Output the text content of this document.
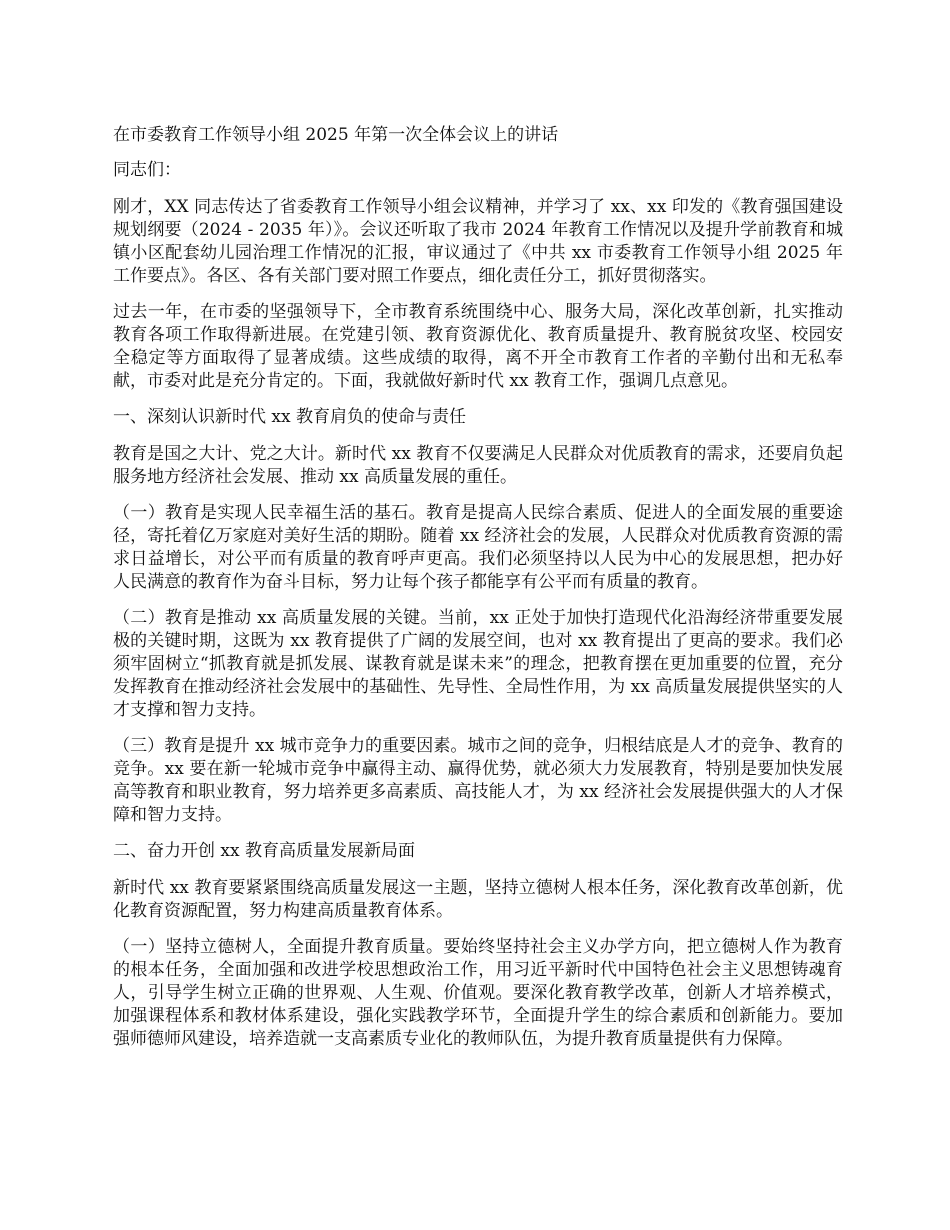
在市委教育工作领导小组 2025 年第一次全体会议上的讲话

同志们：

刚才，XX 同志传达了省委教育工作领导小组会议精神，并学习了 xx、xx 印发的《教育强国建设规划纲要（2024 - 2035 年）》。会议还听取了我市 2024 年教育工作情况以及提升学前教育和城镇小区配套幼儿园治理工作情况的汇报，审议通过了《中共 xx 市委教育工作领导小组 2025 年工作要点》。各区、各有关部门要对照工作要点，细化责任分工，抓好贯彻落实。

过去一年，在市委的坚强领导下，全市教育系统围绕中心、服务大局，深化改革创新，扎实推动教育各项工作取得新进展。在党建引领、教育资源优化、教育质量提升、教育脱贫攻坚、校园安全稳定等方面取得了显著成绩。这些成绩的取得，离不开全市教育工作者的辛勤付出和无私奉献，市委对此是充分肯定的。下面，我就做好新时代 xx 教育工作，强调几点意见。

一、深刻认识新时代 xx 教育肩负的使命与责任

教育是国之大计、党之大计。新时代 xx 教育不仅要满足人民群众对优质教育的需求，还要肩负起服务地方经济社会发展、推动 xx 高质量发展的重任。

（一）教育是实现人民幸福生活的基石。教育是提高人民综合素质、促进人的全面发展的重要途径，寄托着亿万家庭对美好生活的期盼。随着 xx 经济社会的发展，人民群众对优质教育资源的需求日益增长，对公平而有质量的教育呼声更高。我们必须坚持以人民为中心的发展思想，把办好人民满意的教育作为奋斗目标，努力让每个孩子都能享有公平而有质量的教育。

（二）教育是推动 xx 高质量发展的关键。当前，xx 正处于加快打造现代化沿海经济带重要发展极的关键时期，这既为 xx 教育提供了广阔的发展空间，也对 xx 教育提出了更高的要求。我们必须牢固树立“抓教育就是抓发展、谋教育就是谋未来”的理念，把教育摆在更加重要的位置，充分发挥教育在推动经济社会发展中的基础性、先导性、全局性作用，为 xx 高质量发展提供坚实的人才支撑和智力支持。

（三）教育是提升 xx 城市竞争力的重要因素。城市之间的竞争，归根结底是人才的竞争、教育的竞争。xx 要在新一轮城市竞争中赢得主动、赢得优势，就必须大力发展教育，特别是要加快发展高等教育和职业教育，努力培养更多高素质、高技能人才，为 xx 经济社会发展提供强大的人才保障和智力支持。

二、奋力开创 xx 教育高质量发展新局面

新时代 xx 教育要紧紧围绕高质量发展这一主题，坚持立德树人根本任务，深化教育改革创新，优化教育资源配置，努力构建高质量教育体系。

（一）坚持立德树人，全面提升教育质量。要始终坚持社会主义办学方向，把立德树人作为教育的根本任务，全面加强和改进学校思想政治工作，用习近平新时代中国特色社会主义思想铸魂育人，引导学生树立正确的世界观、人生观、价值观。要深化教育教学改革，创新人才培养模式，加强课程体系和教材体系建设，强化实践教学环节，全面提升学生的综合素质和创新能力。要加强师德师风建设，培养造就一支高素质专业化的教师队伍，为提升教育质量提供有力保障。
